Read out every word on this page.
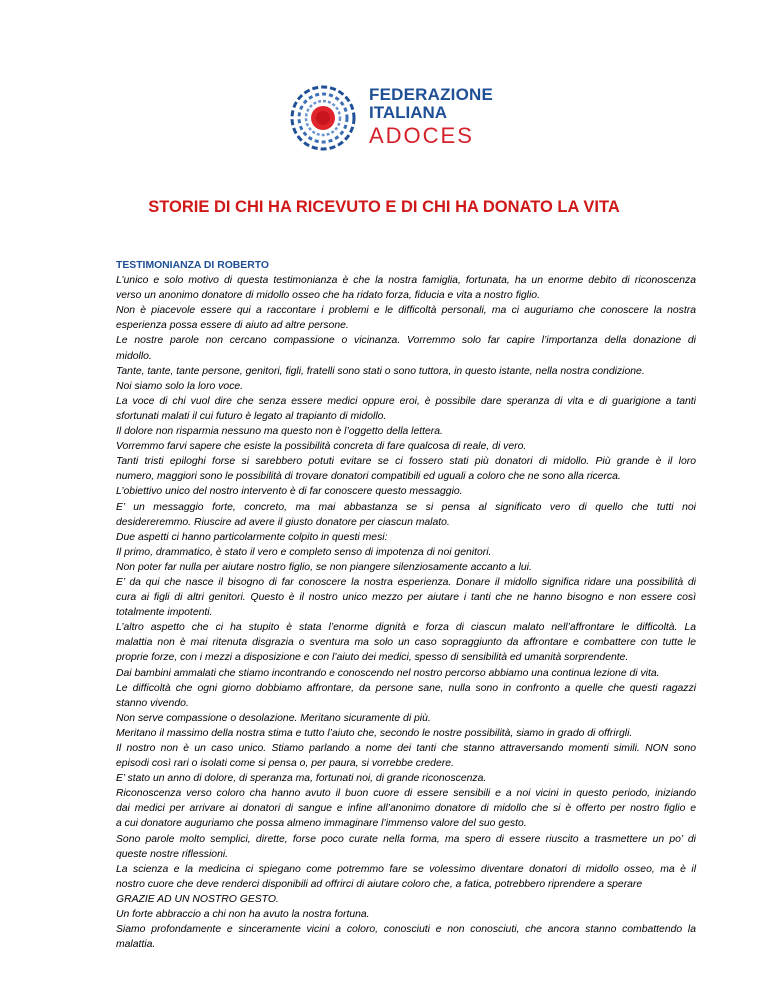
FEDERAZIONE
ITALIANA
ADOCES
STORIE DI CHI HA RICEVUTO E DI CHI HA DONATO LA VITA
TESTIMONIANZA DI ROBERTO
L’unico e solo motivo di questa testimonianza è che la nostra famiglia, fortunata, ha un enorme debito di riconoscenza
verso un anonimo donatore di midollo osseo che ha ridato forza, fiducia e vita a nostro figlio.
Non è piacevole essere qui a raccontare i problemi e le difficoltà personali, ma ci auguriamo che conoscere la nostra
esperienza possa essere di aiuto ad altre persone.
Le nostre parole non cercano compassione o vicinanza. Vorremmo solo far capire l’importanza della donazione di
midollo.
Tante, tante, tante persone, genitori, figli, fratelli sono stati o sono tuttora, in questo istante, nella nostra condizione.
Noi siamo solo la loro voce.
La voce di chi vuol dire che senza essere medici oppure eroi, è possibile dare speranza di vita e di guarigione a tanti
sfortunati malati il cui futuro è legato al trapianto di midollo.
Il dolore non risparmia nessuno ma questo non è l’oggetto della lettera.
Vorremmo farvi sapere che esiste la possibilità concreta di fare qualcosa di reale, di vero.
Tanti tristi epiloghi forse si sarebbero potuti evitare se ci fossero stati più donatori di midollo. Più grande è il loro
numero, maggiori sono le possibilità di trovare donatori compatibili ed uguali a coloro che ne sono alla ricerca.
L’obiettivo unico del nostro intervento è di far conoscere questo messaggio.
E’ un messaggio forte, concreto, ma mai abbastanza se si pensa al significato vero di quello che tutti noi
desidereremmo. Riuscire ad avere il giusto donatore per ciascun malato.
Due aspetti ci hanno particolarmente colpito in questi mesi:
Il primo, drammatico, è stato il vero e completo senso di impotenza di noi genitori.
Non poter far nulla per aiutare nostro figlio, se non piangere silenziosamente accanto a lui.
E’ da qui che nasce il bisogno di far conoscere la nostra esperienza. Donare il midollo significa ridare una possibilità di
cura ai figli di altri genitori. Questo è il nostro unico mezzo per aiutare i tanti che ne hanno bisogno e non essere così
totalmente impotenti.
L’altro aspetto che ci ha stupito è stata l’enorme dignità e forza di ciascun malato nell’affrontare le difficoltà. La
malattia non è mai ritenuta disgrazia o sventura ma solo un caso sopraggiunto da affrontare e combattere con tutte le
proprie forze, con i mezzi a disposizione e con l’aiuto dei medici, spesso di sensibilità ed umanità sorprendente.
Dai bambini ammalati che stiamo incontrando e conoscendo nel nostro percorso abbiamo una continua lezione di vita.
Le difficoltà che ogni giorno dobbiamo affrontare, da persone sane, nulla sono in confronto a quelle che questi ragazzi
stanno vivendo.
Non serve compassione o desolazione. Meritano sicuramente di più.
Meritano il massimo della nostra stima e tutto l’aiuto che, secondo le nostre possibilità, siamo in grado di offrirgli.
Il nostro non è un caso unico. Stiamo parlando a nome dei tanti che stanno attraversando momenti simili. NON sono
episodi così rari o isolati come si pensa o, per paura, si vorrebbe credere.
E’ stato un anno di dolore, di speranza ma, fortunati noi, di grande riconoscenza.
Riconoscenza verso coloro cha hanno avuto il buon cuore di essere sensibili e a noi vicini in questo periodo, iniziando
dai medici per arrivare ai donatori di sangue e infine all’anonimo donatore di midollo che si è offerto per nostro figlio e
a cui donatore auguriamo che possa almeno immaginare l’immenso valore del suo gesto.
Sono parole molto semplici, dirette, forse poco curate nella forma, ma spero di essere riuscito a trasmettere un po’ di
queste nostre riflessioni.
La scienza e la medicina ci spiegano come potremmo fare se volessimo diventare donatori di midollo osseo, ma è il
nostro cuore che deve renderci disponibili ad offrirci di aiutare coloro che, a fatica, potrebbero riprendere a sperare
GRAZIE AD UN NOSTRO GESTO.
Un forte abbraccio a chi non ha avuto la nostra fortuna.
Siamo profondamente e sinceramente vicini a coloro, conosciuti e non conosciuti, che ancora stanno combattendo la
malattia.
